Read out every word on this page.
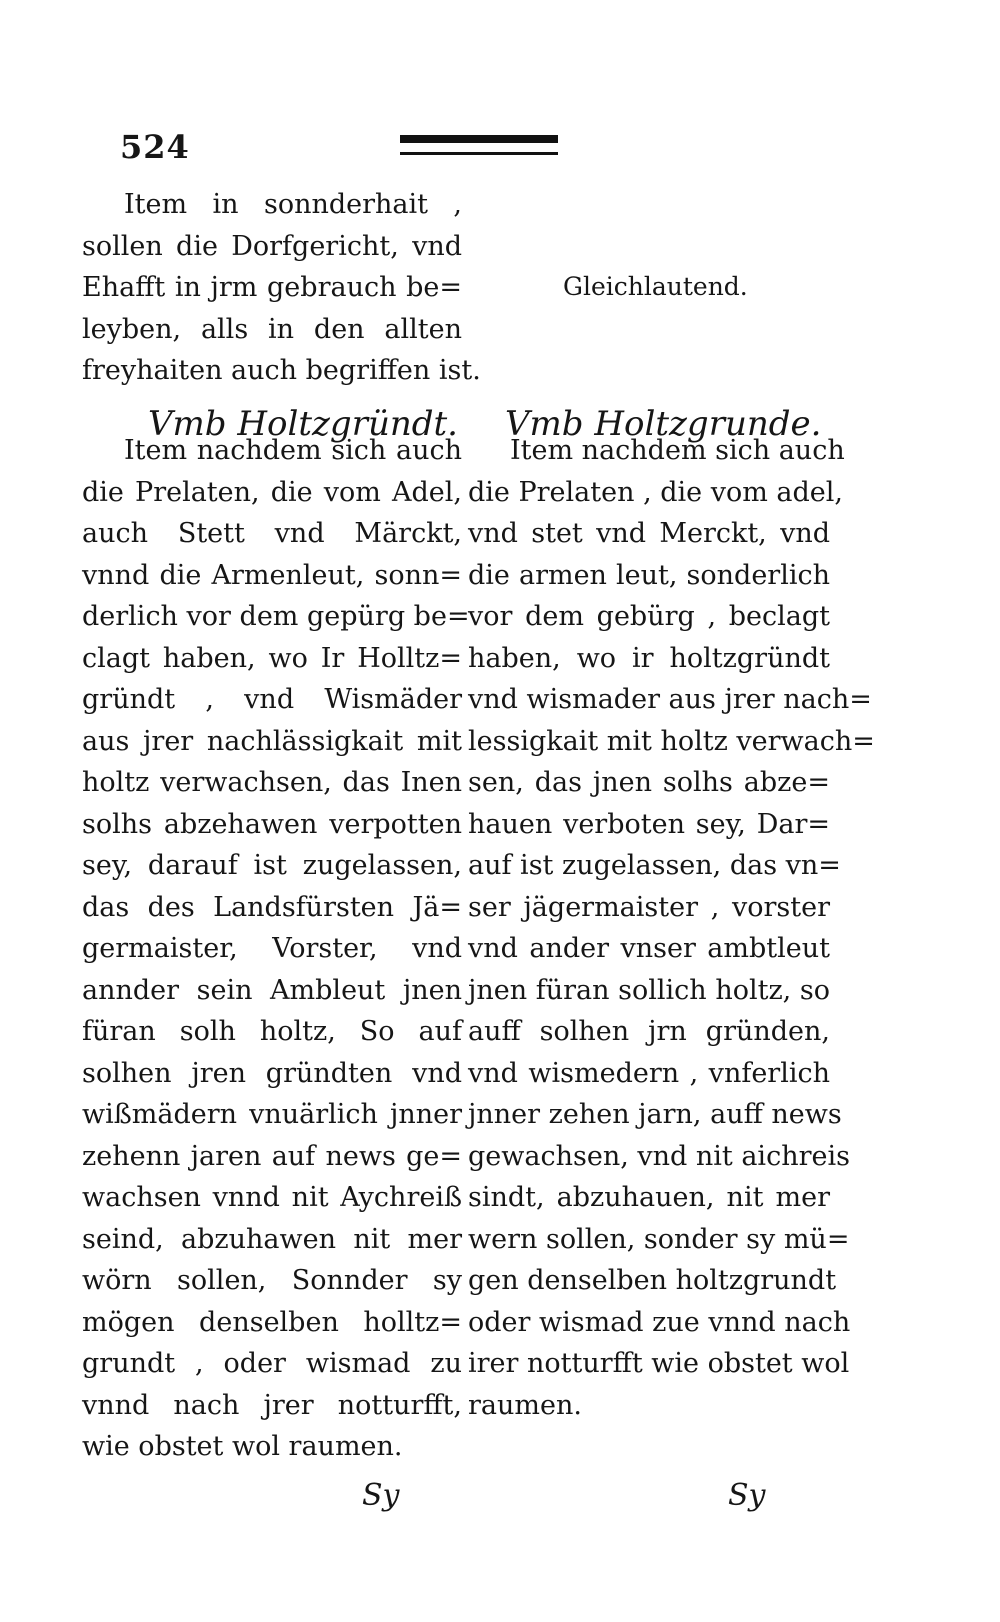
524
Item in sonnderhait ,
sollen die Dorfgericht, vnd
Ehafft in jrm gebrauch be=
leyben, alls in den allten
freyhaiten auch begriffen ist.
Gleichlautend.
Vmb Holtzgründt. Vmb Holtzgrunde.
Item nachdem sich auch
die Prelaten, die vom Adel,
auch Stett vnd Märckt,
vnnd die Armenleut, sonn=
derlich vor dem gepürg be=
clagt haben, wo Ir Holltz=
gründt , vnd Wismäder
aus jrer nachlässigkait mit
holtz verwachsen, das Inen
solhs abzehawen verpotten
sey, darauf ist zugelassen,
das des Landsfürsten Jä=
germaister, Vorster, vnd
annder sein Ambleut jnen
füran solh holtz, So auf
solhen jren gründten vnd
wißmädern vnuärlich jnner
zehenn jaren auf news ge=
wachsen vnnd nit Aychreiß
seind, abzuhawen nit mer
wörn sollen, Sonnder sy
mögen denselben holltz=
grundt , oder wismad zu
vnnd nach jrer notturfft,
wie obstet wol raumen.
Item nachdem sich auch
die Prelaten , die vom adel,
vnd stet vnd Merckt, vnd
die armen leut, sonderlich
vor dem gebürg , beclagt
haben, wo ir holtzgründt
vnd wismader aus jrer nach=
lessigkait mit holtz verwach=
sen, das jnen solhs abze=
hauen verboten sey, Dar=
auf ist zugelassen, das vn=
ser jägermaister , vorster
vnd ander vnser ambtleut
jnen füran sollich holtz, so
auff solhen jrn gründen,
vnd wismedern , vnferlich
jnner zehen jarn, auff news
gewachsen, vnd nit aichreis
sindt, abzuhauen, nit mer
wern sollen, sonder sy mü=
gen denselben holtzgrundt
oder wismad zue vnnd nach
irer notturfft wie obstet wol
raumen.
Sy	Sy
